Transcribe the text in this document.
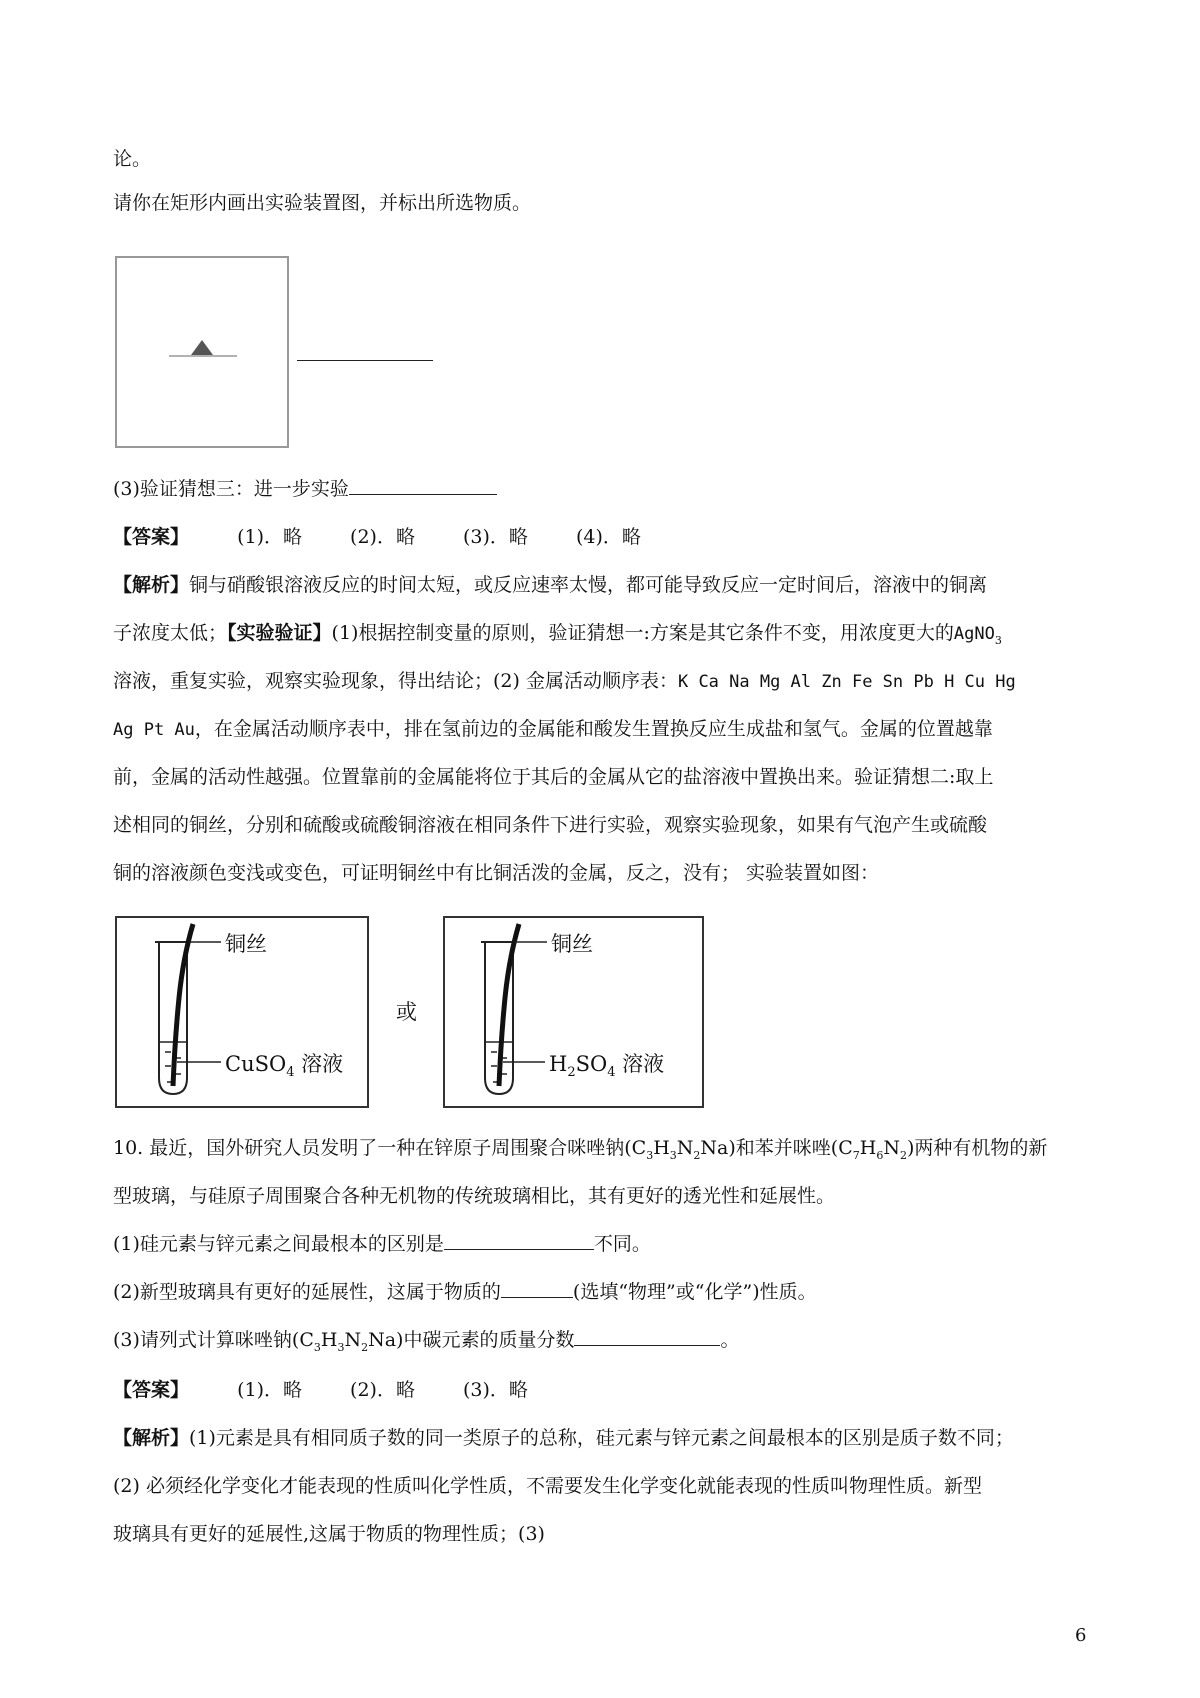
论。
请你在矩形内画出实验装置图，并标出所选物质。
(3)验证猜想三：进一步实验
【答案】	(1)．略	(2)．略	(3)．略	(4)．略
【解析】铜与硝酸银溶液反应的时间太短，或反应速率太慢，都可能导致反应一定时间后，溶液中的铜离
子浓度太低；【实验验证】(1)根据控制变量的原则，验证猜想一:方案是其它条件不变，用浓度更大的AgNO$_3$
溶液，重复实验，观察实验现象，得出结论；(2) 金属活动顺序表：K Ca Na Mg Al Zn Fe Sn Pb H Cu Hg
Ag Pt Au，在金属活动顺序表中，排在氢前边的金属能和酸发生置换反应生成盐和氢气。金属的位置越靠
前，金属的活动性越强。位置靠前的金属能将位于其后的金属从它的盐溶液中置换出来。验证猜想二:取上
述相同的铜丝，分别和硫酸或硫酸铜溶液在相同条件下进行实验，观察实验现象，如果有气泡产生或硫酸
铜的溶液颜色变浅或变色，可证明铜丝中有比铜活泼的金属，反之，没有； 实验装置如图：
铜丝
CuSO$_4$ 溶液
或
铜丝
$H_2SO_4$ 溶液
10. 最近，国外研究人员发明了一种在锌原子周围聚合咪唑钠$(C_3H_3N_2Na)$和苯并咪唑$(C_7H_6N_2)$两种有机物的新
型玻璃，与硅原子周围聚合各种无机物的传统玻璃相比，其有更好的透光性和延展性。
(1)硅元素与锌元素之间最根本的区别是	不同。
(2)新型玻璃具有更好的延展性，这属于物质的	(选填“物理”或“化学”)性质。
(3)请列式计算咪唑钠$(C_3H_3N_2Na)$中碳元素的质量分数	。
【答案】	(1)．略	(2)．略	(3)．略
【解析】(1)元素是具有相同质子数的同一类原子的总称，硅元素与锌元素之间最根本的区别是质子数不同；
(2) 必须经化学变化才能表现的性质叫化学性质，不需要发生化学变化就能表现的性质叫物理性质。新型
玻璃具有更好的延展性,这属于物质的物理性质；(3)
6
